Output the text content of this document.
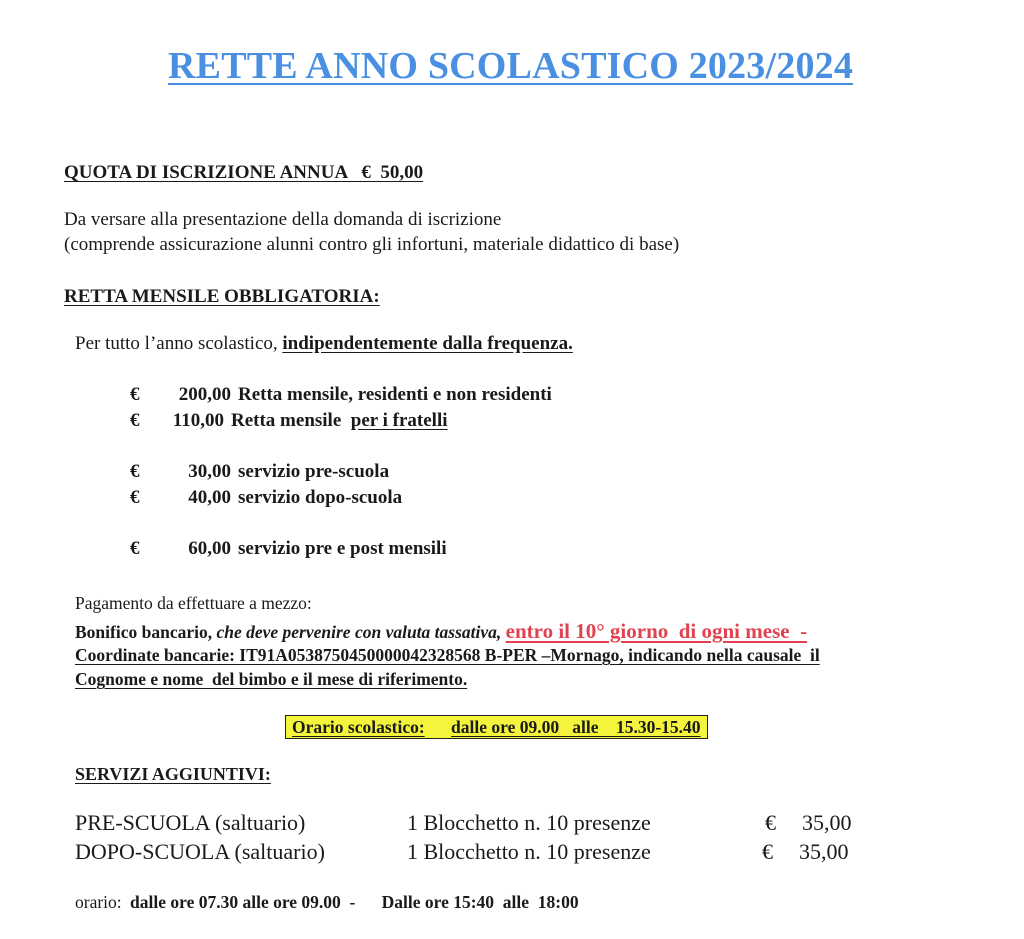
RETTE ANNO SCOLASTICO 2023/2024
QUOTA DI ISCRIZIONE ANNUA   €  50,00
Da versare alla presentazione della domanda di iscrizione
(comprende assicurazione alunni contro gli infortuni, materiale didattico di base)
RETTA MENSILE OBBLIGATORIA:
Per tutto l’anno scolastico, indipendentemente dalla frequenza.
€	200,00 Retta mensile, residenti e non residenti
€	110,00 Retta mensile  per i fratelli
€	30,00 servizio pre-scuola
€	40,00 servizio dopo-scuola
€	60,00 servizio pre e post mensili
Pagamento da effettuare a mezzo:
Bonifico bancario, che deve pervenire con valuta tassativa, entro il 10° giorno  di ogni mese  -
Coordinate bancarie: IT91A0538750450000042328568 B-PER –Mornago, indicando nella causale  il
Cognome e nome  del bimbo e il mese di riferimento.
Orario scolastico: dalle ore 09.00   alle    15.30-15.40
SERVIZI AGGIUNTIVI:
PRE-SCUOLA (saltuario)	1 Blocchetto n. 10 presenze	€ 35,00
DOPO-SCUOLA (saltuario)	1 Blocchetto n. 10 presenze	€ 35,00
orario: dalle ore 07.30 alle ore 09.00  -      Dalle ore 15:40  alle  18:00
